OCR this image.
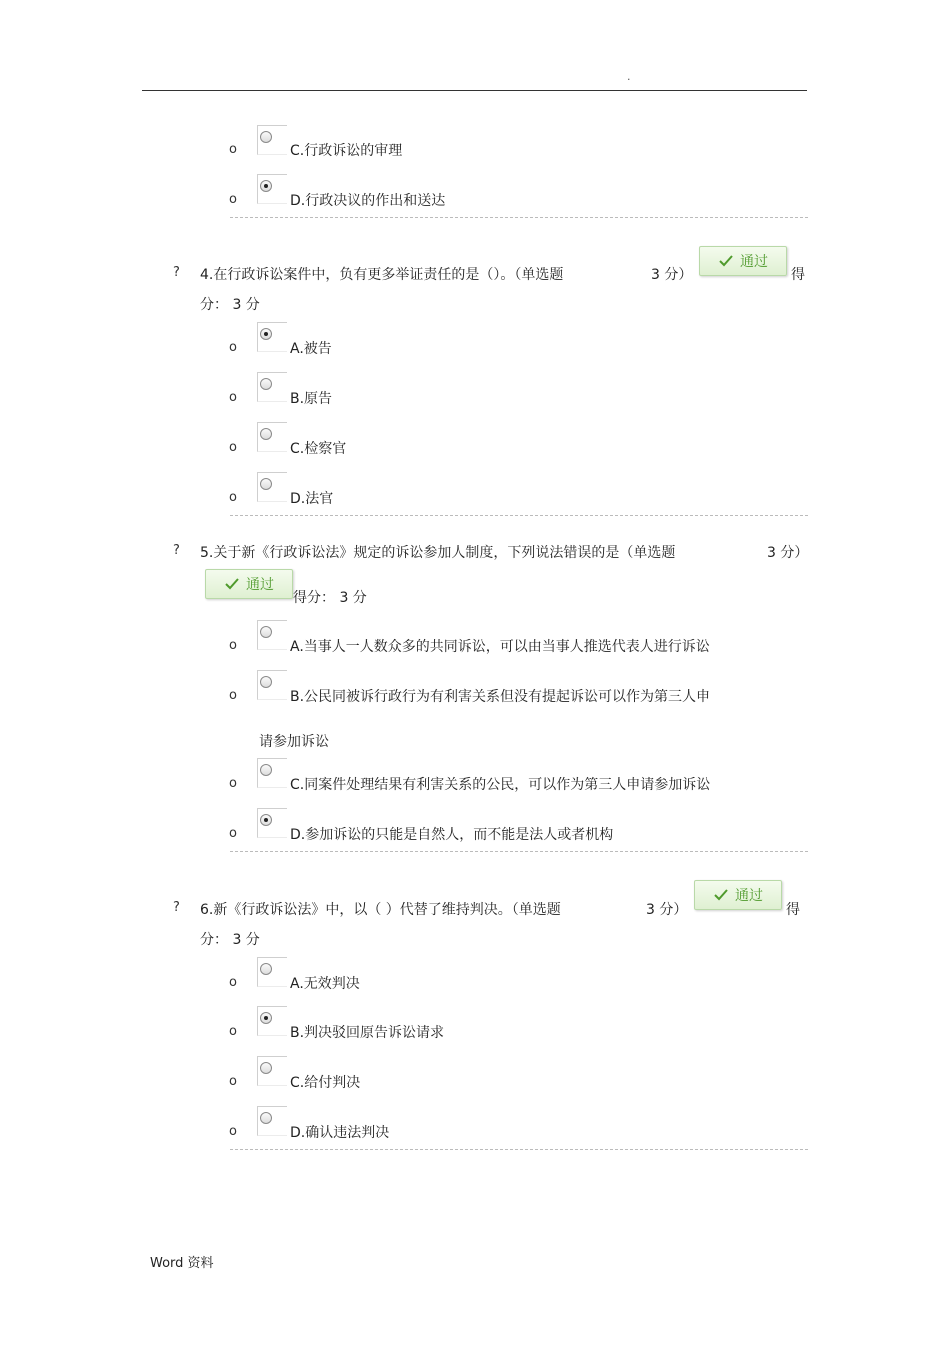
.
o	C.行政诉讼的审理
o	D.行政决议的作出和送达
? 4.在行政诉讼案件中，负有更多举证责任的是（）。（单选题	3 分）
通过
得
分： 3 分
o	A.被告
o	B.原告
o	C.检察官
o	D.法官
? 5.关于新《行政诉讼法》规定的诉讼参加人制度，下列说法错误的是（单选题	3 分）
通过
得分： 3 分
o	A.当事人一人数众多的共同诉讼，可以由当事人推选代表人进行诉讼
o	B.公民同被诉行政行为有利害关系但没有提起诉讼可以作为第三人申
请参加诉讼
o	C.同案件处理结果有利害关系的公民，可以作为第三人申请参加诉讼
o	D.参加诉讼的只能是自然人，而不能是法人或者机构
? 6.新《行政诉讼法》中，以（ ）代替了维持判决。（单选题	3 分）
通过
得
分： 3 分
o	A.无效判决
o	B.判决驳回原告诉讼请求
o	C.给付判决
o	D.确认违法判决
Word 资料
